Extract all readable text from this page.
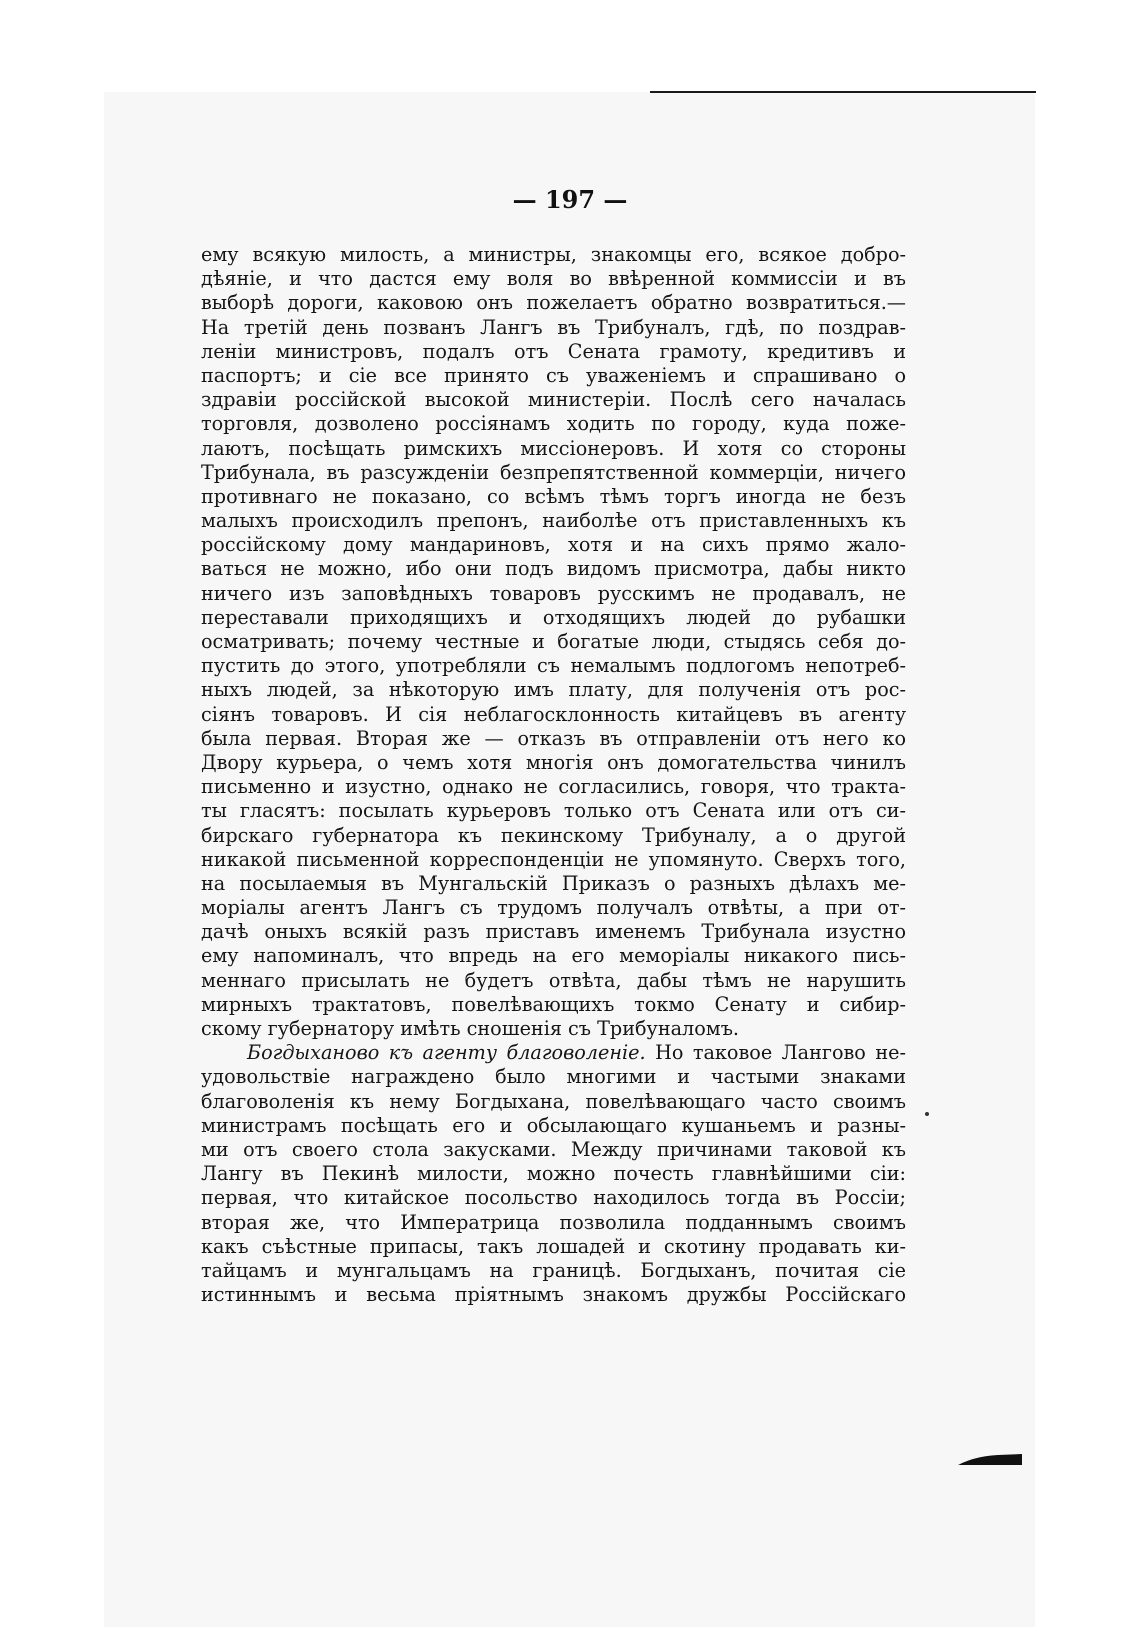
— 197 —
ему всякую милость, а министры, знакомцы его, всякое добро-
дѣяніе, и что дастся ему воля во ввѣренной коммиссіи и въ
выборѣ дороги, каковою онъ пожелаетъ обратно возвратиться.—
На третій день позванъ Лангъ въ Трибуналъ, гдѣ, по поздрав-
леніи министровъ, подалъ отъ Сената грамоту, кредитивъ и
паспортъ; и сіе все принято съ уваженіемъ и спрашивано о
здравіи россійской высокой министеріи. Послѣ сего началась
торговля, дозволено россіянамъ ходить по городу, куда поже-
лаютъ, посѣщать римскихъ миссіонеровъ. И хотя со стороны
Трибунала, въ разсужденіи безпрепятственной коммерціи, ничего
противнаго не показано, со всѣмъ тѣмъ торгъ иногда не безъ
малыхъ происходилъ препонъ, наиболѣе отъ приставленныхъ къ
россійскому дому мандариновъ, хотя и на сихъ прямо жало-
ваться не можно, ибо они подъ видомъ присмотра, дабы никто
ничего изъ заповѣдныхъ товаровъ русскимъ не продавалъ, не
переставали приходящихъ и отходящихъ людей до рубашки
осматривать; почему честные и богатые люди, стыдясь себя до-
пустить до этого, употребляли съ немалымъ подлогомъ непотреб-
ныхъ людей, за нѣкоторую имъ плату, для полученія отъ рос-
сіянъ товаровъ. И сія неблагосклонность китайцевъ въ агенту
была первая. Вторая же — отказъ въ отправленіи отъ него ко
Двору курьера, о чемъ хотя многія онъ домогательства чинилъ
письменно и изустно, однако не согласились, говоря, что тракта-
ты гласятъ: посылать курьеровъ только отъ Сената или отъ си-
бирскаго губернатора къ пекинскому Трибуналу, а о другой
никакой письменной корреспонденціи не упомянуто. Сверхъ того,
на посылаемыя въ Мунгальскій Приказъ о разныхъ дѣлахъ ме-
моріалы агентъ Лангъ съ трудомъ получалъ отвѣты, а при от-
дачѣ оныхъ всякій разъ приставъ именемъ Трибунала изустно
ему напоминалъ, что впредь на его меморіалы никакого пись-
меннаго присылать не будетъ отвѣта, дабы тѣмъ не нарушить
мирныхъ трактатовъ, повелѣвающихъ токмо Сенату и сибир-
скому губернатору имѣть сношенія съ Трибуналомъ.
Богдыханово къ агенту благоволеніе. Но таковое Лангово не-
удовольствіе награждено было многими и частыми знаками
благоволенія къ нему Богдыхана, повелѣвающаго часто своимъ
министрамъ посѣщать его и обсылающаго кушаньемъ и разны-
ми отъ своего стола закусками. Между причинами таковой къ
Лангу въ Пекинѣ милости, можно почесть главнѣйшими сіи:
первая, что китайское посольство находилось тогда въ Россіи;
вторая же, что Императрица позволила подданнымъ своимъ
какъ съѣстные припасы, такъ лошадей и скотину продавать ки-
тайцамъ и мунгальцамъ на границѣ. Богдыханъ, почитая сіе
истиннымъ и весьма пріятнымъ знакомъ дружбы Россійскаго
